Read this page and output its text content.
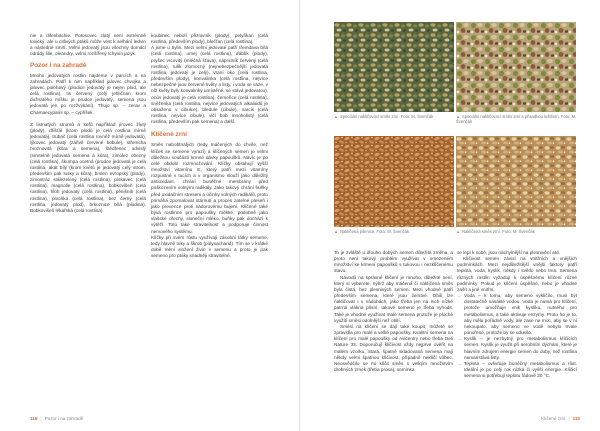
nie a difenbachie. Potosovec zlatý není extrémně toxický, ale u citlivých ptáků může vést k selhání ledvin a následné smrti. Velmi jedovatý jsou všechny domácí odrůdy lilie, oleandry, velmi rozšířený tchynin jazyk.

Pozor i na zahradě

Mnoho jedovatých rostlin najdeme v parcích a na zahradách. Patří k nim například jalovec chvojka a jalovec poléhavý (plodice jedovatý je nejen plod, ale celá rostlina), tis červený (celý jehličnan krom dužnatého míšku je prudce jedovatý, semena jsou jedovatá jen po rozžvýkání). Thujo sp. – zerav a Chamaecyparis sp. – cypřišek.

Z listnatých stromů a keřů například jírovec žlutý (plody), dřišťál (krom plodů je celá rostlina mírně jedovatá), trubač (celá rostlina rovněž mírně jedovatá), lýkovec jedovatý (zářivě červené bobule), střemcha hroznovitá (kůra a semena), štědřenec odvislý (smrtelně jedovatá semena a kůra), zimolez obecný (celá rostlina), škumpa ocetná (prudce jedovatá je celá rostlina, akát bílý (krom květů je jedovatý celý strom, především pak lusky a kůra), brslen evropský (plody), zimostráz stálezelený (celá rostlina), pískavec (celá rostlina), magnolie (celá rostlina), bobkovišeň (celá rostlina), hloh jedovatý (celá rostlina), pěnišník (celá rostlina), pivoňka (celá rostlina), bez černý (celá rostlina, jedovatý plod), brkoznice bílá (plodina). Bobkovišeň lékařská (celá rostlina).

koubinec nebolí přiznivník (plody), pelyňkan (celá rostlina, především plody), blečťan (celá rostlina).

A jsme u bylin. Mezi velmi jedovaté patří třemdava bílá (celá rostlina), omej (celá rostlina), ďáblík (plody), pryšec vrcovitý (mléčná šťava), náprstník červený (celá rostlina), rulík zlomocný (nejnebezpečnější jedovatá rostlina, jedovatý je celý), vraní oko (celá rostlina, především plody), konvalinka (celá rostlina, nejvíce nebezpečné jsou červené květy a listy, i voda ve váze, v níž květy byly konvalinky umístěné, se stává jedovatou), ocún jedovatý je celá rostlina), čemeřice (celá rostlina), sněženka (celá rostlina, nejvíce jedovatých alkaloidů je obsaženo v cibulce), bledule (cibule), narcis (celá rostlina, nejvíce cibule), vlčí bob mnoholistý (celá rostlina, především pak semena) a další.

Klíčené zrní

Směs nabobtnalých (tedy máčených do chvíle, než klíček se semene vyrazí) a klíčených semen je velmi důležitou součástí krmné dávky papoušků. Navíc je po celé období rozmnožování. Klíčky obsahují vyšší množství vitamínu E, který patří mezi vitamíny rozpustné v tucích a v organismu slouží jako důležitý antioxidant, chrání buněčné membrány před poškozením volnými radikály. Jako takový chrání buňky před oxidačním stresem a účinky volných radikálů, proto pomáhá zpomalovat stárnutí a proces zatelné pleseň i jako prevence proti nádorovému bujení. Klíčené také bývá rostlinné pro papoušky měkké, podobně jako vlašské ořechy, sluneční mléko, buňky pak dochází k výtěží. Toto také stravitelnost a podporuje činnost nervového systému.

Klíčky při svém růstu využívají zásobní látky semene, tedy hlavně tuky a škrob (polysacharid). Tím se v krátké době mění složení živin v semenu a proto je pak semeno pro ptáky snadněji stravitelné.

118 | Pozor i na zahradě
▲ Speciální nakličovací směs zrní. Foto: M. Švenčák	▲ Speciální nakličovací směs zrní s přisadkou luštěnin. Foto: M. Švenčák
▲ Naklíčená pšenice. Foto: M. Švenčák	▲ Naklíčená směs zrní. Foto: M. Švenčák

To je zvláště u dlouho dobých semen důležitá změna, a proto není takový problém využívat v omezeném množství ke krmení papoušků s tukovou i nezklíčenému stavu.

Návodů na správné klíčení je mnoho, důležité není, který si vyberete, nýbrž aby máčená či naklíčená směs byla čistá, bez plesnivých semen. Mezi vhodné patří především semena, které jsou čerstvé. Obilí lze nakličovat i v nádobách, jako třeba jen na nich nízké patrná vlákna plísní, takové semeno je třeba vyhodit. Také je vhodné využívat malé semena protože je ploché využití směsi odolnější než obilí.

Směsi na klíčení se dají také koupit, můžeté se zpravidla pro malé a velké papoušky. Kvalitní semena na klíčení pro malé papoušky od Avicentry nebo třeba Deli Nature 33. Doporučují klíčivost vždy nejprve ověřit na malém vzorku. Stará, špatně skladovaná semena mají někdy velmi špatnou klíčivost, případně neklíčí vůbec. Neosvědčilo se mi klíčit směs s velkým množstvím drobných zrnek (třeba prosa), semínka

se lepí k sobě, jsou náchylnější na plesnivění atd.

Klíčivost semen závisí na vnitřních a vnějších podmínkách. Mezi nejdůležitější vnější faktory patří teplota, voda, kyslík, někdy i světlo nebo tma. Semena různých rostlin vyžadují k úspěšnému klíčení různé podmínky. Pokud je klíčení úspěšné, nebo je vhodné zašít a jiné vnitřní.

→ Voda – k tomu, aby semeno vyklíčilo, musí být dostatečně nasáklé vodou. Voda je nutná pro klíčení, protože umožňuje vnik kyslíku, nutného pro metabolismus, a také aktivuje enzymy. Proto ho je to, aby měla pořádně vody, ale zase ne moc, aby se v ní nekoupalo, aby semeno ve vodě nebylo trvale ponořené, protože by se udusilo.
→ Kyslík – je nezbytný pro metabolismus klíčících semen. Kyslík je využit při aerobním dýchání, které je hlavním zdrojem energie semen do doby, než rostlina nemaristává listy.
→ Teplota – ovlivňuje buněčný metabolismus a růst. Ideální je po celý rok nízká či vyšší energie. Klíčicí semena si potřebují teplotu řádově 20 °C.
Klíčené zrní | 119
